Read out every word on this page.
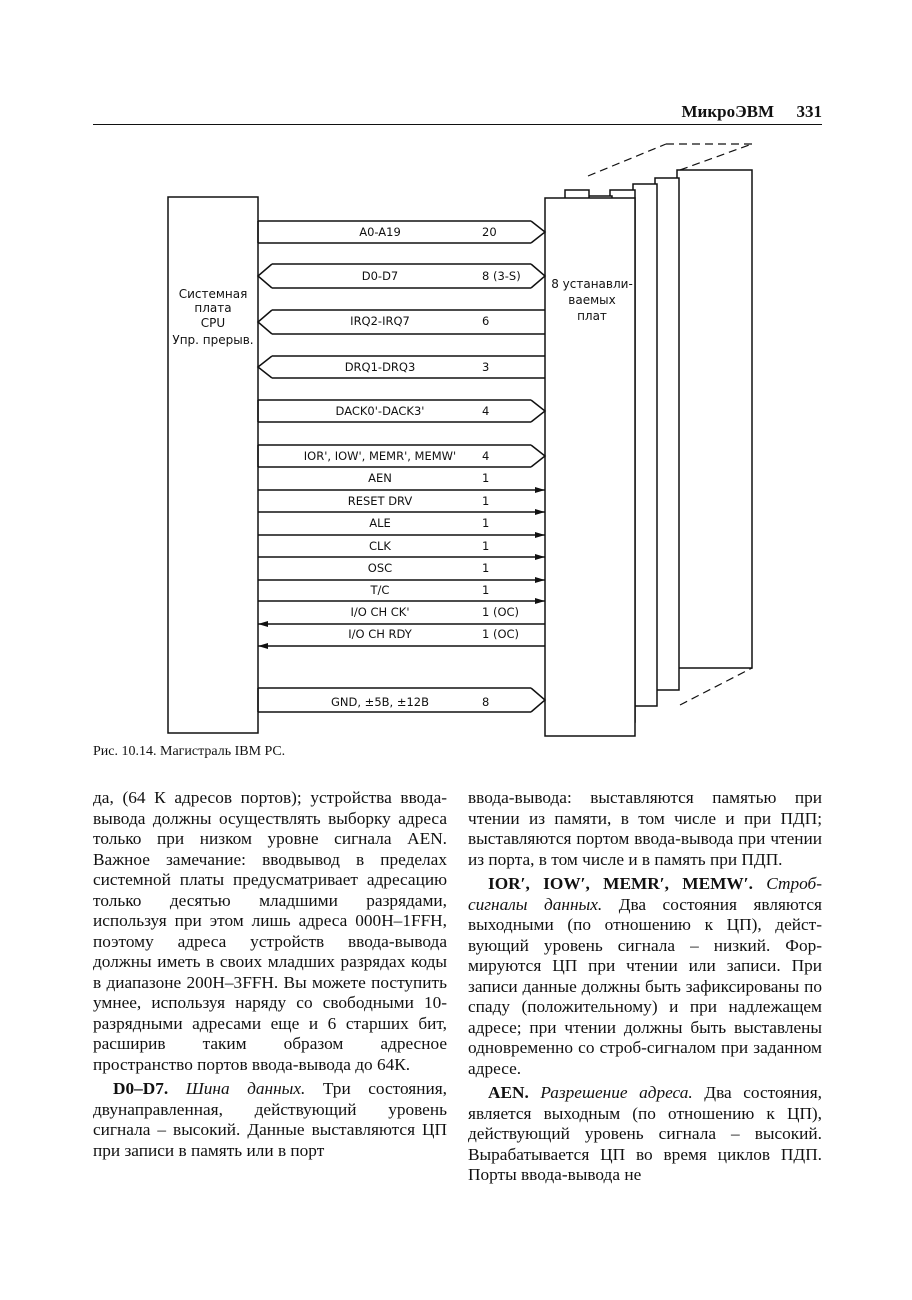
МикроЭВМ 331
Системная
плата
CPU
Упр. прерыв.
8 устанавли-
ваемых
плат
A0-A19	20
D0-D7	8 (3-S)
IRQ2-IRQ7	6
DRQ1-DRQ3	3
DACK0'-DACK3'	4
IOR', IOW', MEMR', MEMW' 4
AEN	1
RESET DRV	1
ALE	1
CLK	1
OSC	1
T/C	1
I/O CH CK'	1 (OC)
I/O CH RDY	1 (OC)
GND, ±5В, ±12В	8
Рис. 10.14. Магистраль IBM PC.

да, (64 К адресов портов); устройства ввода-вывода должны осуществлять выборку адреса только при низком уровне сигнала AEN. Важное замечание: вводвывод в пределах системной платы предусматривает адресацию только десятью младшими разрядами, используя при этом лишь адреса 000H–1FFH, поэтому адреса устройств ввода-вывода должны иметь в своих младших разрядах коды в диапазоне 200H–3FFH. Вы можете поступить умнее, используя наряду со свободными 10-разрядными адресами еще и 6 старших бит, расширив таким образом адресное пространство портов ввода-вывода до 64К.

D0–D7. Шина данных. Три состояния, двунаправленная, действующий уровень сигнала – высокий. Данные выставляются ЦП при записи в память или в порт

ввода-вывода: выставляются памятью при чтении из памяти, в том числе и при ПДП; выставляются портом ввода-вывода при чтении из порта, в том числе и в память при ПДП.

IOR′, IOW′, MEMR′, MEMW′. Строб-сигналы данных. Два состояния являются выходными (по отношению к ЦП), действующий уровень сигнала – низкий. Формируются ЦП при чтении или записи. При записи данные должны быть зафиксированы по спаду (положительному) и при надлежащем адресе; при чтении должны быть выставлены одновременно со строб-сигналом при заданном адресе.

AEN. Разрешение адреса. Два состояния, является выходным (по отношению к ЦП), действующий уровень сигнала – высокий. Вырабатывается ЦП во время циклов ПДП. Порты ввода-вывода не
